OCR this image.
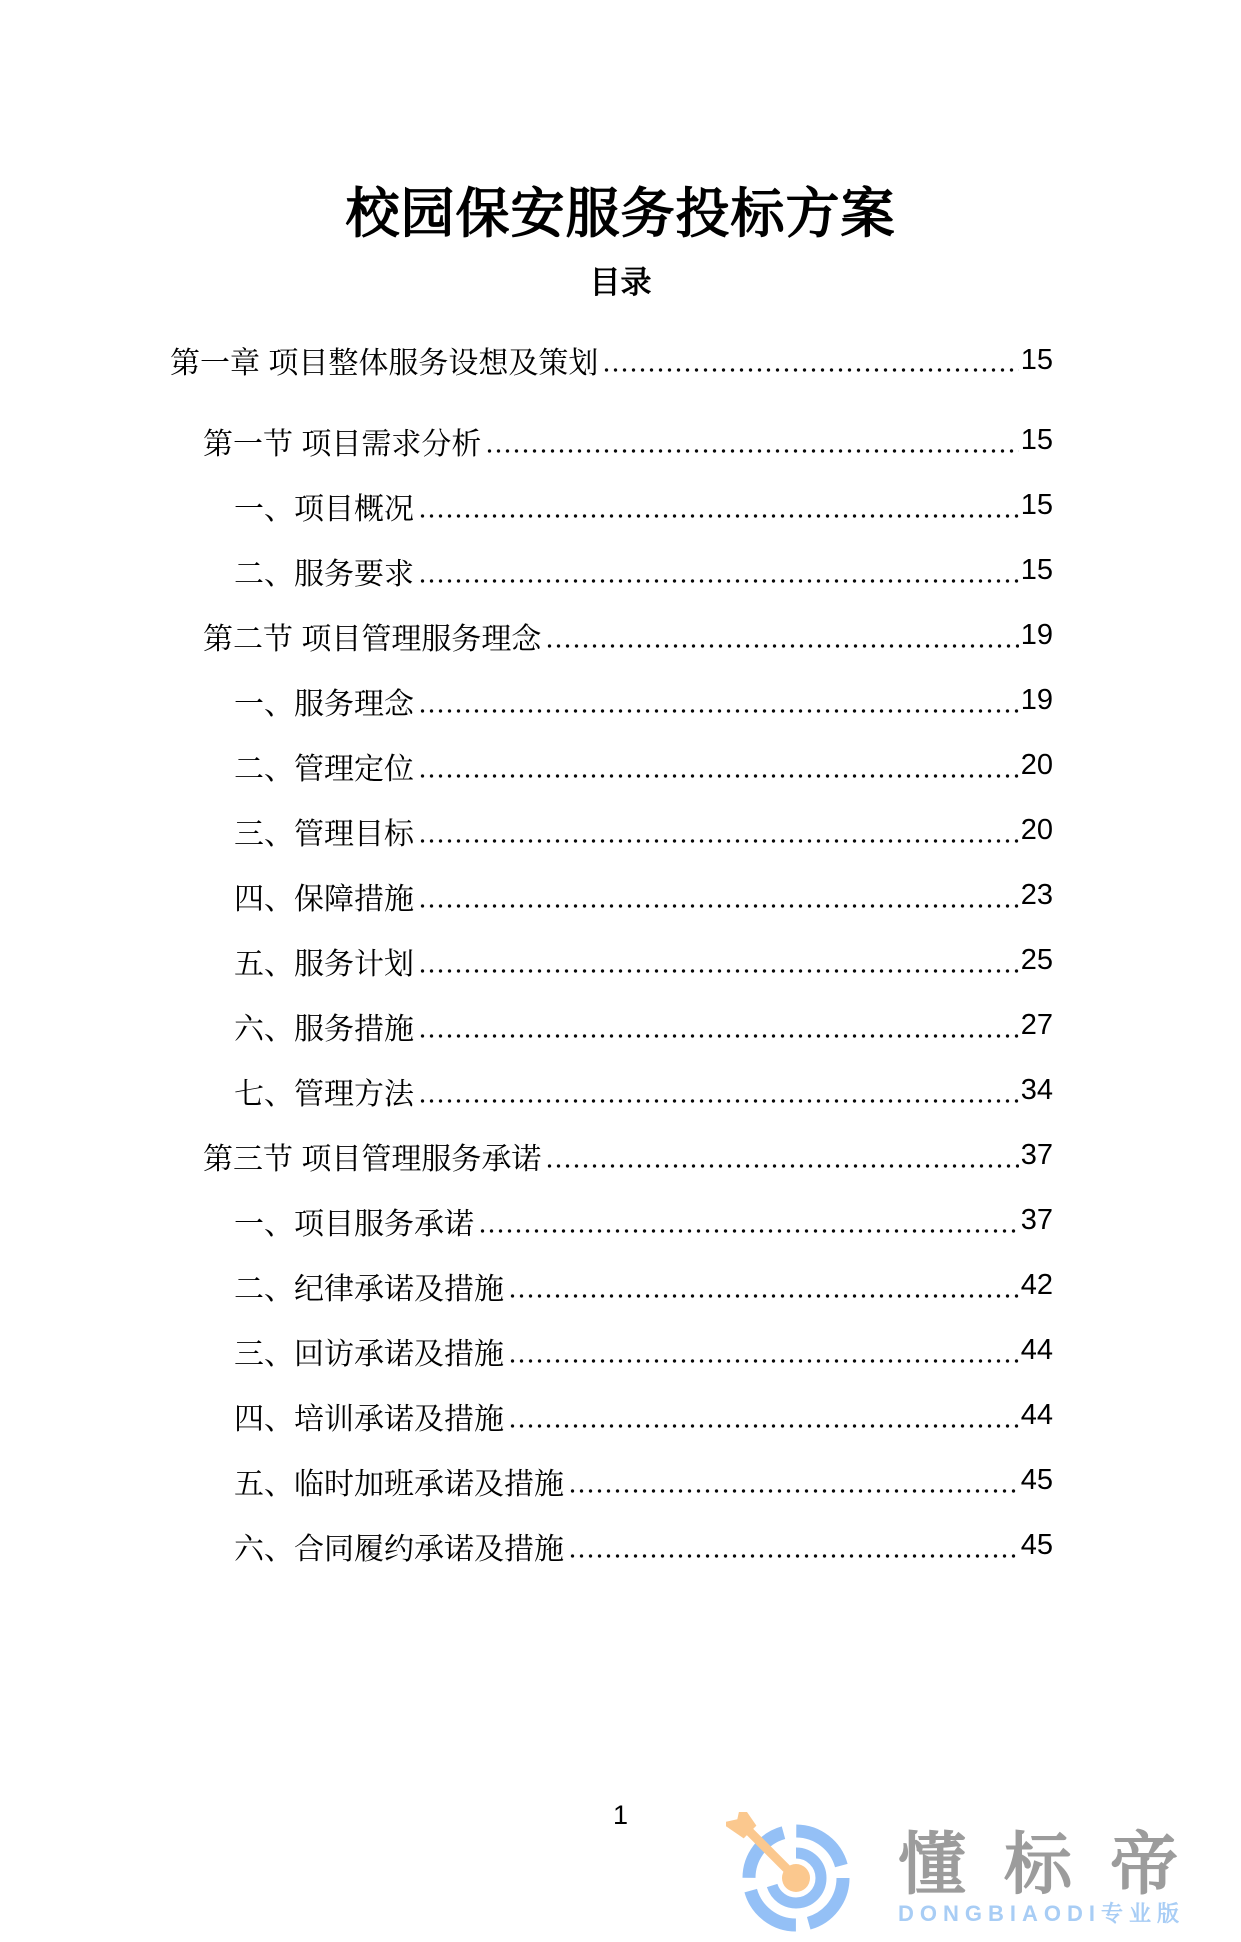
校园保安服务投标方案
目录
第一章 项目整体服务设想及策划	15
第一节 项目需求分析	15
一、项目概况	15
二、服务要求	15
第二节 项目管理服务理念	19
一、服务理念	19
二、管理定位	20
三、管理目标	20
四、保障措施	23
五、服务计划	25
六、服务措施	27
七、管理方法	34
第三节 项目管理服务承诺	37
一、项目服务承诺	37
二、纪律承诺及措施	42
三、回访承诺及措施	44
四、培训承诺及措施	44
五、临时加班承诺及措施	45
六、合同履约承诺及措施	45
1
懂标帝
DONGBIAODI专业版
